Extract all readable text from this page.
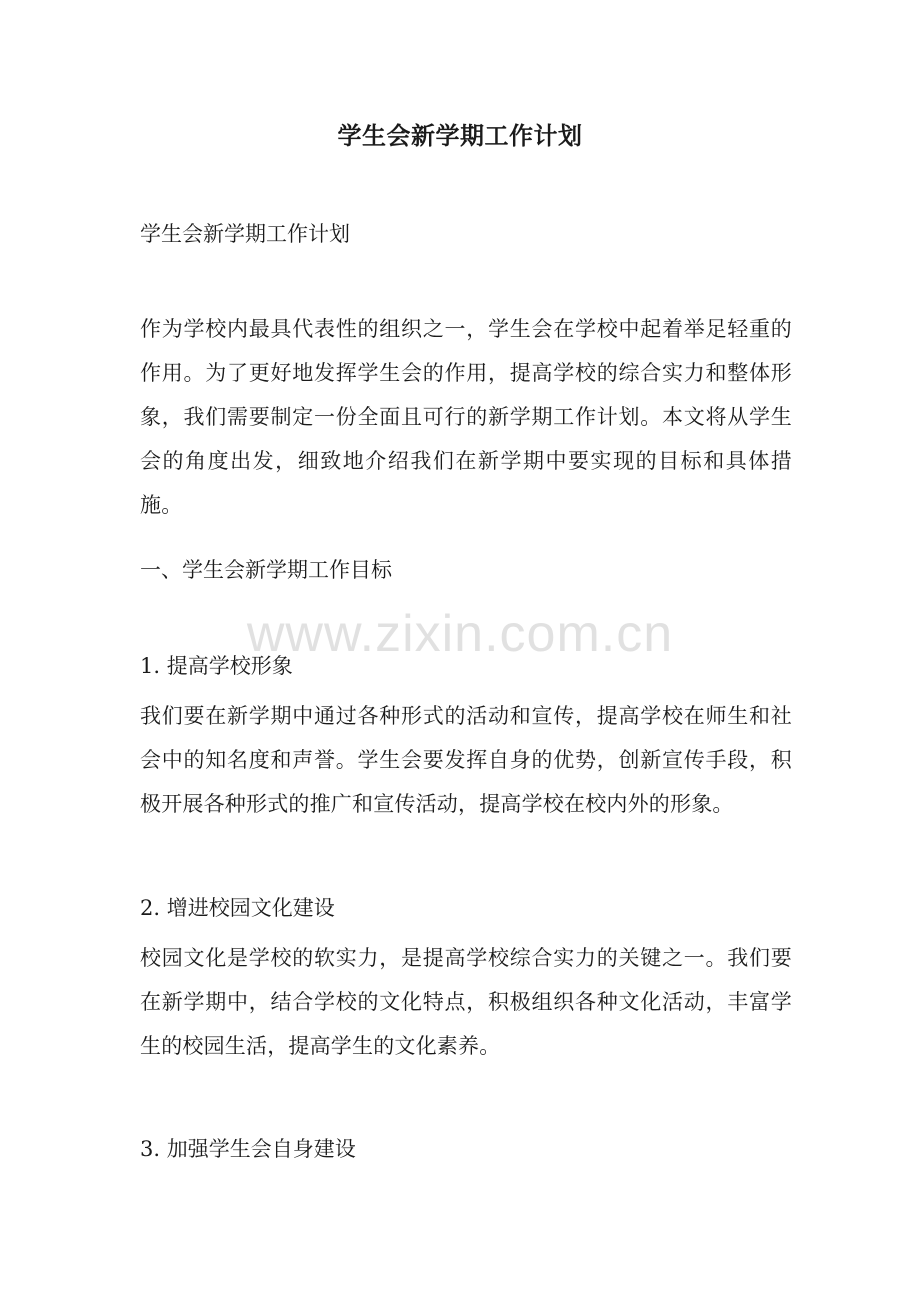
学生会新学期工作计划
学生会新学期工作计划
作为学校内最具代表性的组织之一，学生会在学校中起着举足轻重的作用。为了更好地发挥学生会的作用，提高学校的综合实力和整体形象，我们需要制定一份全面且可行的新学期工作计划。本文将从学生会的角度出发，细致地介绍我们在新学期中要实现的目标和具体措施。
一、学生会新学期工作目标
1. 提高学校形象
我们要在新学期中通过各种形式的活动和宣传，提高学校在师生和社会中的知名度和声誉。学生会要发挥自身的优势，创新宣传手段，积极开展各种形式的推广和宣传活动，提高学校在校内外的形象。
2. 增进校园文化建设
校园文化是学校的软实力，是提高学校综合实力的关键之一。我们要在新学期中，结合学校的文化特点，积极组织各种文化活动，丰富学生的校园生活，提高学生的文化素养。
3. 加强学生会自身建设
www.zixin.com.cn
